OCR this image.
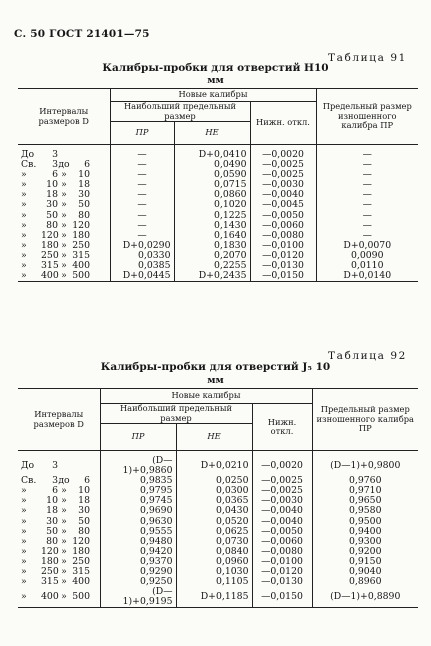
С. 50 ГОСТ 21401—75
Таблица 91
Калибры-пробки для отверстий H10
мм
Интервалы размеров D	Новые калибры			Предельный размер изношенного калибра ПР
	Наибольший предельный размер		Нижн. откл.	
	ПР	НЕ		

До 3	—	D+0,0410	—0,0020	—

Св. 3 до 6	—	0,0490	—0,0025	—

» 6 » 10	—	0,0590	—0,0025	—

» 10 » 18	—	0,0715	—0,0030	—

» 18 » 30	—	0,0860	—0,0040	—

» 30 » 50	—	0,1020	—0,0045	—

» 50 » 80	—	0,1225	—0,0050	—

» 80 » 120	—	0,1430	—0,0060	—

» 120 » 180	—	0,1640	—0,0080	—

» 180 » 250	D+0,0290	0,1830	—0,0100	D+0,0070

» 250 » 315	0,0330	0,2070	—0,0120	0,0090

» 315 » 400	0,0385	0,2255	—0,0130	0,0110

» 400 » 500	D+0,0445	D+0,2435	—0,0150	D+0,0140
Таблица 92
Калибры-пробки для отверстий J₅ 10
мм
Интервалы размеров D	Новые калибры			Предельный размер изношенного калибра ПР
	Наибольший предельный размер		Нижн. откл.	
	ПР	НЕ		

До 3	(D—1)+0,9860	D+0,0210	—0,0020	(D—1)+0,9800

Св. 3 до 6	0,9835	0,0250	—0,0025	0,9760

» 6 » 10	0,9795	0,0300	—0,0025	0,9710

» 10 » 18	0,9745	0,0365	—0,0030	0,9650

» 18 » 30	0,9690	0,0430	—0,0040	0,9580

» 30 » 50	0,9630	0,0520	—0,0040	0,9500

» 50 » 80	0,9555	0,0625	—0,0050	0,9400

» 80 » 120	0,9480	0,0730	—0,0060	0,9300

» 120 » 180	0,9420	0,0840	—0,0080	0,9200

» 180 » 250	0,9370	0,0960	—0,0100	0,9150

» 250 » 315	0,9290	0,1030	—0,0120	0,9040

» 315 » 400	0,9250	0,1105	—0,0130	0,8960

» 400 » 500	(D—1)+0,9195	D+0,1185	—0,0150	(D—1)+0,8890
